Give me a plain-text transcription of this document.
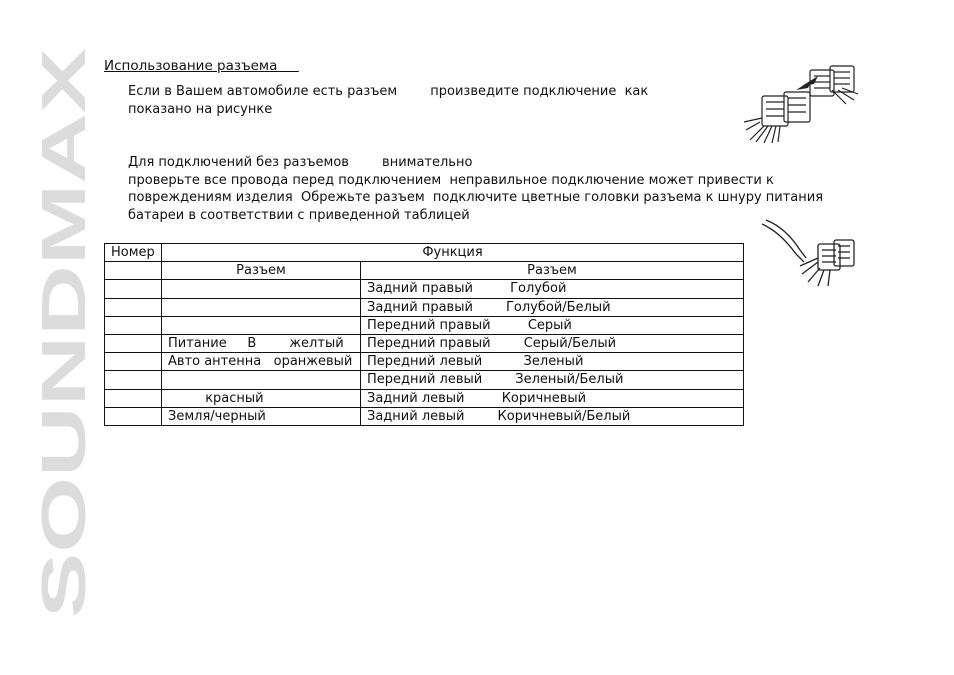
SOUNDMAX
Использование разъема
Если в Вашем автомобиле есть разъем        произведите подключение  как
показано на рисунке
Для подключений без разъемов        внимательно
проверьте все провода перед подключением  неправильное подключение может привести к
повреждениям изделия  Обрежьте разъем  подключите цветные головки разъема к шнуру питания
батареи в соответствии с приведенной таблицей
Номер	Функция	
	Разъем	Разъем
		Задний правый         Голубой
		Задний правый        Голубой/Белый
		Передний правый         Серый
	Питание     В        желтый	Передний правый        Серый/Белый
	Авто антенна   оранжевый	Передний левый          Зеленый
		Передний левый        Зеленый/Белый
	красный	Задний левый         Коричневый
	Земля/черный	Задний левый        Коричневый/Белый
